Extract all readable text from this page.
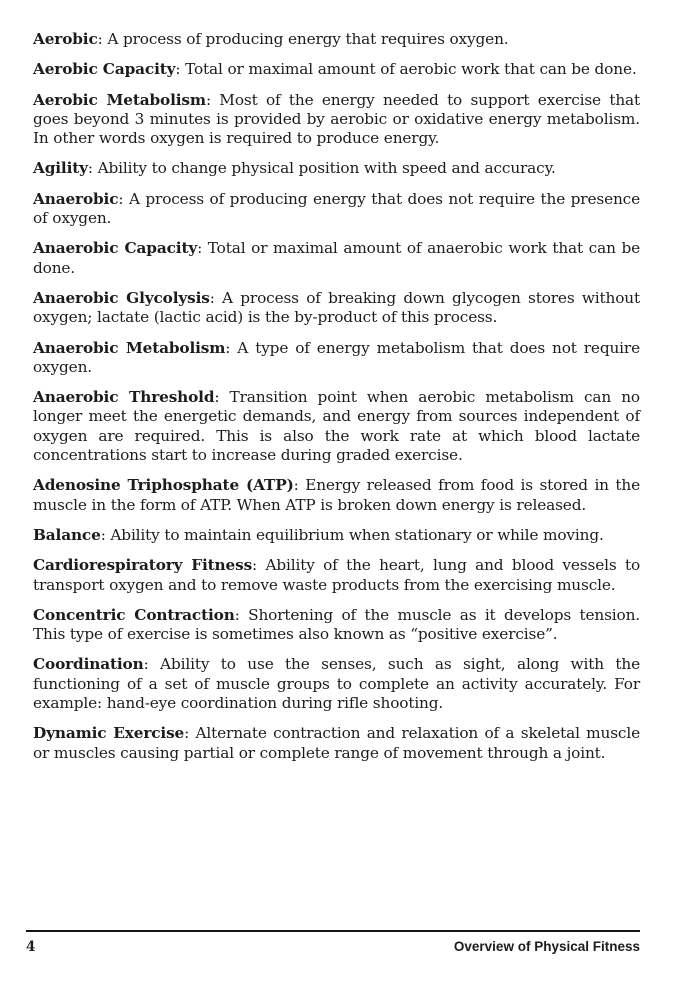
Aerobic: A process of producing energy that requires oxygen.

Aerobic Capacity: Total or maximal amount of aerobic work that can be done.

Aerobic Metabolism: Most of the energy needed to support exercise that goes beyond 3 minutes is provided by aerobic or oxidative energy metabolism. In other words oxygen is required to produce energy.

Agility: Ability to change physical position with speed and accuracy.

Anaerobic: A process of producing energy that does not require the presence of oxygen.

Anaerobic Capacity: Total or maximal amount of anaerobic work that can be done.

Anaerobic Glycolysis: A process of breaking down glycogen stores without oxygen; lactate (lactic acid) is the by-product of this process.

Anaerobic Metabolism: A type of energy metabolism that does not require oxygen.

Anaerobic Threshold: Transition point when aerobic metabolism can no longer meet the energetic demands, and energy from sources independent of oxygen are required. This is also the work rate at which blood lactate concentrations start to increase during graded exercise.

Adenosine Triphosphate (ATP): Energy released from food is stored in the muscle in the form of ATP. When ATP is broken down energy is released.

Balance: Ability to maintain equilibrium when stationary or while moving.

Cardiorespiratory Fitness: Ability of the heart, lung and blood vessels to transport oxygen and to remove waste products from the exercising muscle.

Concentric Contraction: Shortening of the muscle as it develops tension. This type of exercise is sometimes also known as “positive exercise”.

Coordination: Ability to use the senses, such as sight, along with the functioning of a set of muscle groups to complete an activity accurately. For example: hand-eye coordination during rifle shooting.

Dynamic Exercise: Alternate contraction and relaxation of a skeletal muscle or muscles causing partial or complete range of movement through a joint.

4	Overview of Physical Fitness
